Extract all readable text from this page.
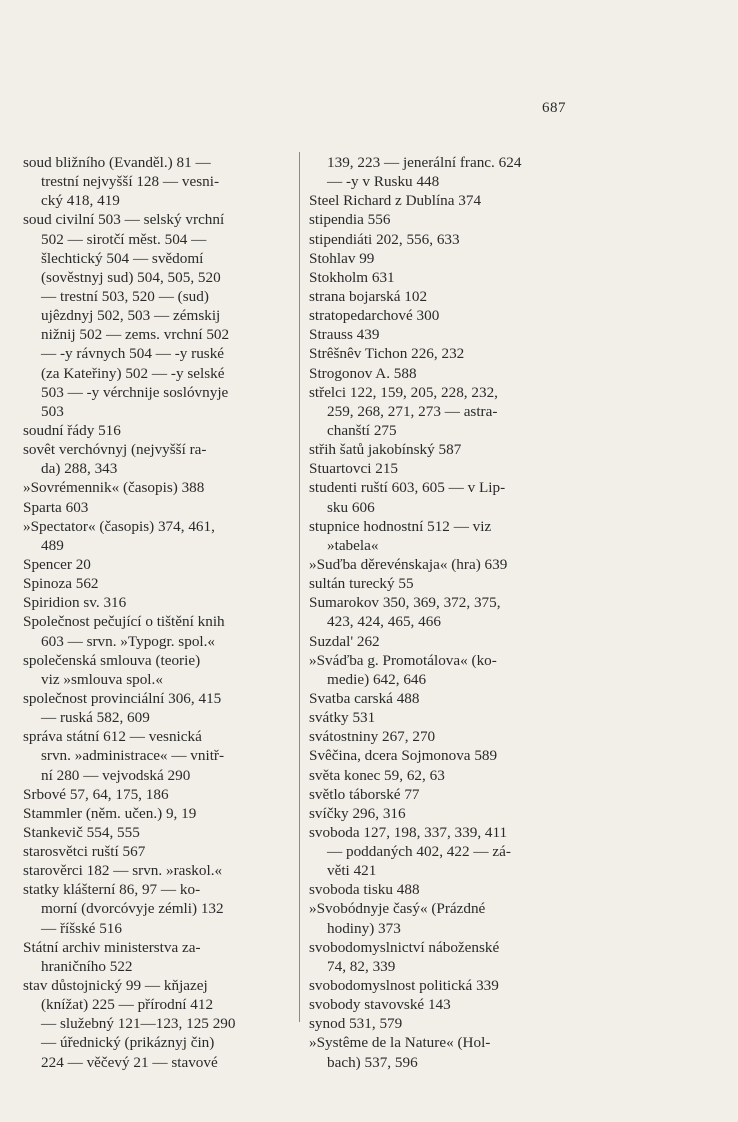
687
soud bližního (Evanděl.) 81 —
trestní nejvyšší 128 — vesni-
cký 418, 419
soud civilní 503 — selský vrchní
502 — sirotčí měst. 504 —
šlechtický 504 — svědomí
(sověstnyj sud) 504, 505, 520
— trestní 503, 520 — (sud)
ujêzdnyj 502, 503 — zémskij
nižnij 502 — zems. vrchní 502
— -y rávnych 504 — -y ruské
(za Kateřiny) 502 — -y selské
503 — -y vérchnije soslóvnyje
503
soudní řády 516
sovêt verchóvnyj (nejvyšší ra-
da) 288, 343
»Sovrémennik« (časopis) 388
Sparta 603
»Spectator« (časopis) 374, 461,
489
Spencer 20
Spinoza 562
Spiridion sv. 316
Společnost pečující o tištění knih
603 — srvn. »Typogr. spol.«
společenská smlouva (teorie)
viz »smlouva spol.«
společnost provinciální 306, 415
— ruská 582, 609
správa státní 612 — vesnická
srvn. »administrace« — vnitř-
ní 280 — vejvodská 290
Srbové 57, 64, 175, 186
Stammler (něm. učen.) 9, 19
Stankevič 554, 555
starosvětci ruští 567
starověrci 182 — srvn. »raskol.«
statky klášterní 86, 97 — ko-
morní (dvorcóvyje zémli) 132
— říšské 516
Státní archiv ministerstva za-
hraničního 522
stav důstojnický 99 — kňjazej
(knížat) 225 — přírodní 412
— služebný 121—123, 125 290
— úřednický (prikáznyj čin)
224 — věčevý 21 — stavové
139, 223 — jenerální franc. 624
— -y v Rusku 448
Steel Richard z Dublína 374
stipendia 556
stipendiáti 202, 556, 633
Stohlav 99
Stokholm 631
strana bojarská 102
stratopedarchové 300
Strauss 439
Strêšnêv Tichon 226, 232
Strogonov A. 588
střelci 122, 159, 205, 228, 232,
259, 268, 271, 273 — astra-
chanští 275
střih šatů jakobínský 587
Stuartovci 215
studenti ruští 603, 605 — v Lip-
sku 606
stupnice hodnostní 512 — viz
»tabela«
»Suďba děrevénskaja« (hra) 639
sultán turecký 55
Sumarokov 350, 369, 372, 375,
423, 424, 465, 466
Suzdal' 262
»Sváďba g. Promotálova« (ko-
medie) 642, 646
Svatba carská 488
svátky 531
svátostniny 267, 270
Svêčina, dcera Sojmonova 589
světa konec 59, 62, 63
světlo táborské 77
svíčky 296, 316
svoboda 127, 198, 337, 339, 411
— poddaných 402, 422 — zá-
věti 421
svoboda tisku 488
»Svobódnyje časý« (Prázdné
hodiny) 373
svobodomyslnictví náboženské
74, 82, 339
svobodomyslnost politická 339
svobody stavovské 143
synod 531, 579
»Systême de la Nature« (Hol-
bach) 537, 596
